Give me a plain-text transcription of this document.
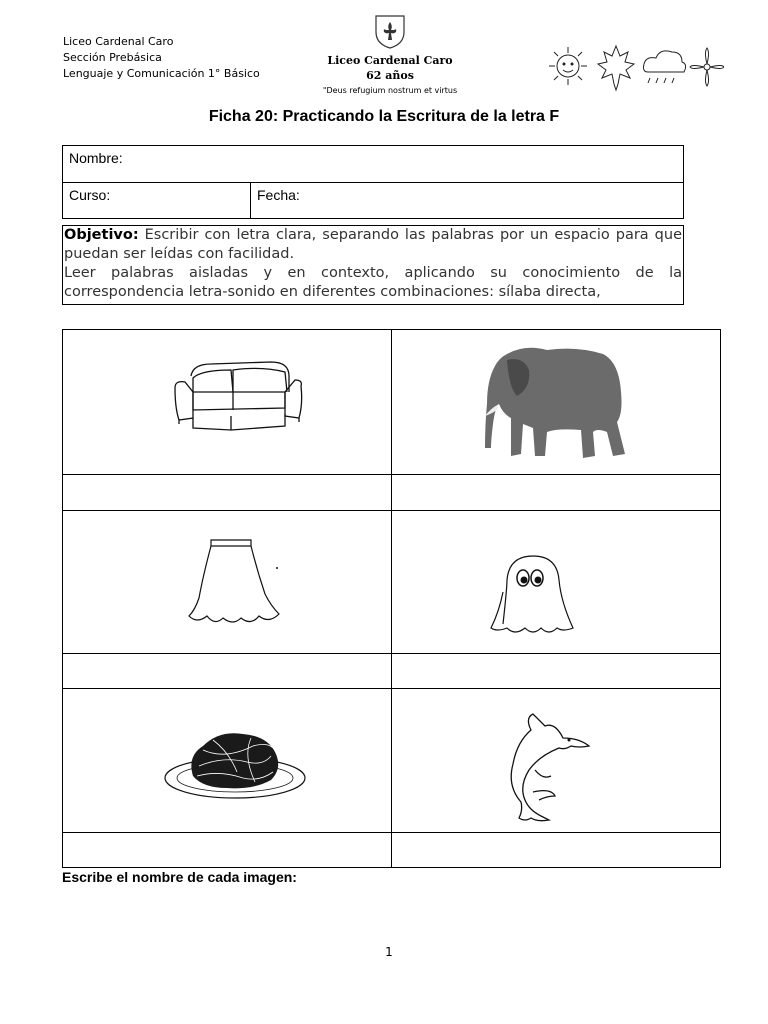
Liceo Cardenal Caro
Sección Prebásica
Lenguaje y Comunicación 1° Básico
Liceo Cardenal Caro
62 años
"Deus refugium nostrum et virtus
Ficha 20: Practicando la Escritura de la letra F
Nombre:
Curso:	Fecha:
Objetivo: Escribir con letra clara, separando las palabras por un espacio para que puedan ser leídas con facilidad.
Leer palabras aisladas y en contexto, aplicando su conocimiento de la correspondencia letra-sonido en diferentes combinaciones: sílaba directa,
Escribe el nombre de cada imagen:
1
